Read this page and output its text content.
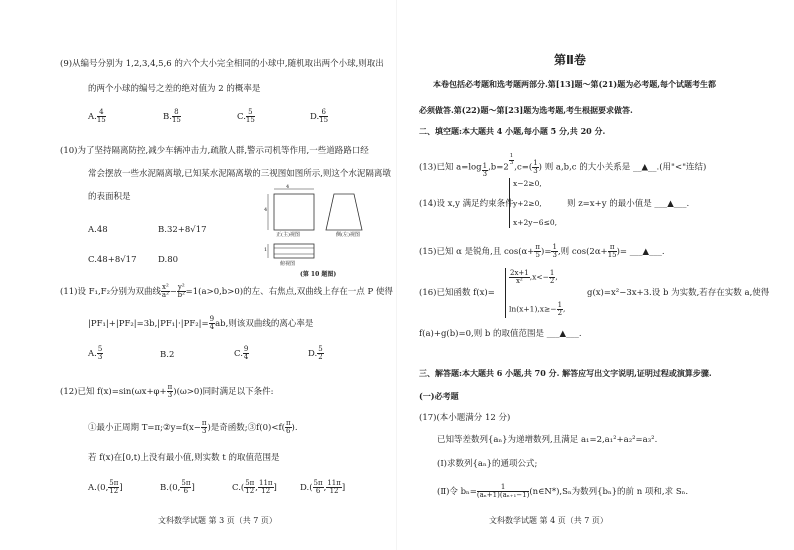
(9)从编号分别为 1,2,3,4,5,6 的六个大小完全相同的小球中,随机取出两个小球,则取出
的两个小球的编号之差的绝对值为 2 的概率是
A. $\frac{4}{15}$	B. $\frac{8}{15}$	C. $\frac{5}{15}$	D. $\frac{6}{15}$
(10)为了坚持隔离防控,减少车辆冲击力,疏散人群,警示司机等作用,一些道路路口经
常会摆放一些水泥隔离墩,已知某水泥隔离墩的三视图如图所示,则这个水泥隔离墩
的表面积是
A.48	B.32+8√17
C.48+8√17	D.80
4
4
1
正(主)视图	侧(左)视图
俯视图
(第 10 题图)
(11)设 F₁,F₂分别为双曲线 $\frac{\text{x²}}{\text{a²}} - \frac{\text{y²}}{\text{b²}} =1(a>0,b>0)$的左、右焦点,双曲线上存在一点 P 使得
$|PF_1|+|PF_2|=3b,|PF_1|\cdot|PF_2|= \frac{9}{4}$ ab,则该双曲线的离心率是
A. $\frac{5}{3}$	B.2	C. $\frac{9}{4}$	D. $\frac{5}{2}$
(12)已知 $f(x)=\sin(\omega x+\varphi+ \frac{\pi}{3} )(\omega>0)$同时满足以下条件:
①最小正周期 T=π;②y=f(x− $\frac{\pi}{3}$ )是奇函数;③f(0)<f( $\frac{\pi}{6}$ ).
若 f(x)在[0,t)上没有最小值,则实数 t 的取值范围是
A.(0, $\frac{5\pi}{12}$ ]	B.(0, $\frac{5\pi}{6}$ ]	$C.( \frac{5\pi}{12}$ , $\frac{11\pi}{12}$ ]	$D.( \frac{5\pi}{6}$ , $\frac{11\pi}{12}$ ]
文科数学试题 第 3 页（共 7 页）
第Ⅱ卷
本卷包括必考题和选考题两部分.第[13]题～第(21)题为必考题,每个试题考生都
必须做答.第(22)题～第[23]题为选考题,考生根据要求做答.
二、填空题:本大题共 4 小题,每小题 5 分,共 20 分.
(13)已知 $a=\log \frac{1}{3} ,b=2$
$\frac{1}{3}$
$,c=( \frac{1}{3}$ ) 则 a,b,c 的大小关系是 __▲__.(用"<"连结)
(14)设 x,y 满足约束条件
x−2≥0,
y+2≥0,
x+2y−6≤0,
则 z=x+y 的最小值是 ___▲___.
(15)已知 α 是锐角,且 $\cos(\alpha+ \frac{\pi}{5}$ )= $\frac{1}{3}$ ,则 $\cos(2\alpha+ \frac{\pi}{15}$ )= ___▲___.
(16)已知函数 f(x)=
$\frac{2x+1}{\text{x²}} ,x<- \frac{1}{2}$ ,
$\ln(x+1),x\ge- \frac{1}{2}$ ,
g(x)=x²−3x+3.设 b 为实数,若存在实数 a,使得
f(a)+g(b)=0,则 b 的取值范围是 ___▲___.
三、解答题:本大题共 6 小题,共 70 分. 解答应写出文字说明,证明过程或演算步骤.
(一)必考题
(17)(本小题满分 12 分)
已知等差数列{aₙ}为递增数列,且满足 a₁=2,a₁²+a₂²=a₃².
(Ⅰ)求数列{aₙ}的通项公式;
(Ⅱ)令 $b_n= \frac{1}{\text{(aₙ+1)(aₙ₊₁−1)}}$ (n∈N*),Sₙ为数列{bₙ}的前 n 项和,求 Sₙ.
文科数学试题 第 4 页（共 7 页）
